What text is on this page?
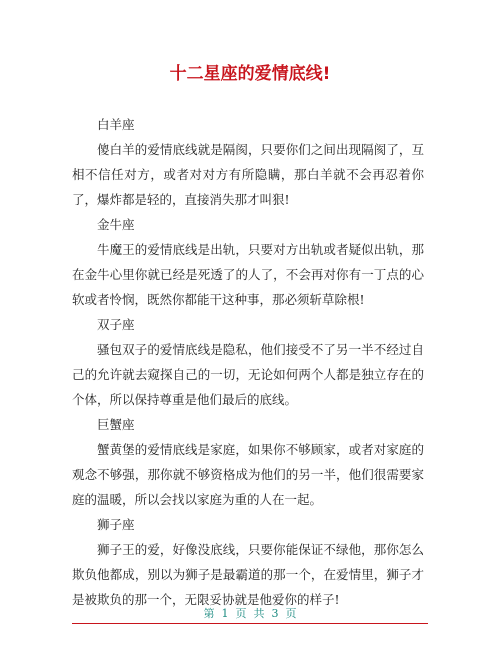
十二星座的爱情底线!

白羊座

傻白羊的爱情底线就是隔阂，只要你们之间出现隔阂了，互相不信任对方，或者对对方有所隐瞒，那白羊就不会再忍着你了，爆炸都是轻的，直接消失那才叫狠!

金牛座

牛魔王的爱情底线是出轨，只要对方出轨或者疑似出轨，那在金牛心里你就已经是死透了的人了，不会再对你有一丁点的心软或者怜悯，既然你都能干这种事，那必须斩草除根!

双子座

骚包双子的爱情底线是隐私，他们接受不了另一半不经过自己的允许就去窥探自己的一切，无论如何两个人都是独立存在的个体，所以保持尊重是他们最后的底线。

巨蟹座

蟹黄堡的爱情底线是家庭，如果你不够顾家，或者对家庭的观念不够强，那你就不够资格成为他们的另一半，他们很需要家庭的温暖，所以会找以家庭为重的人在一起。

狮子座

狮子王的爱，好像没底线，只要你能保证不绿他，那你怎么欺负他都成，别以为狮子是最霸道的那一个，在爱情里，狮子才是被欺负的那一个，无限妥协就是他爱你的样子!

第  1  页  共  3  页
